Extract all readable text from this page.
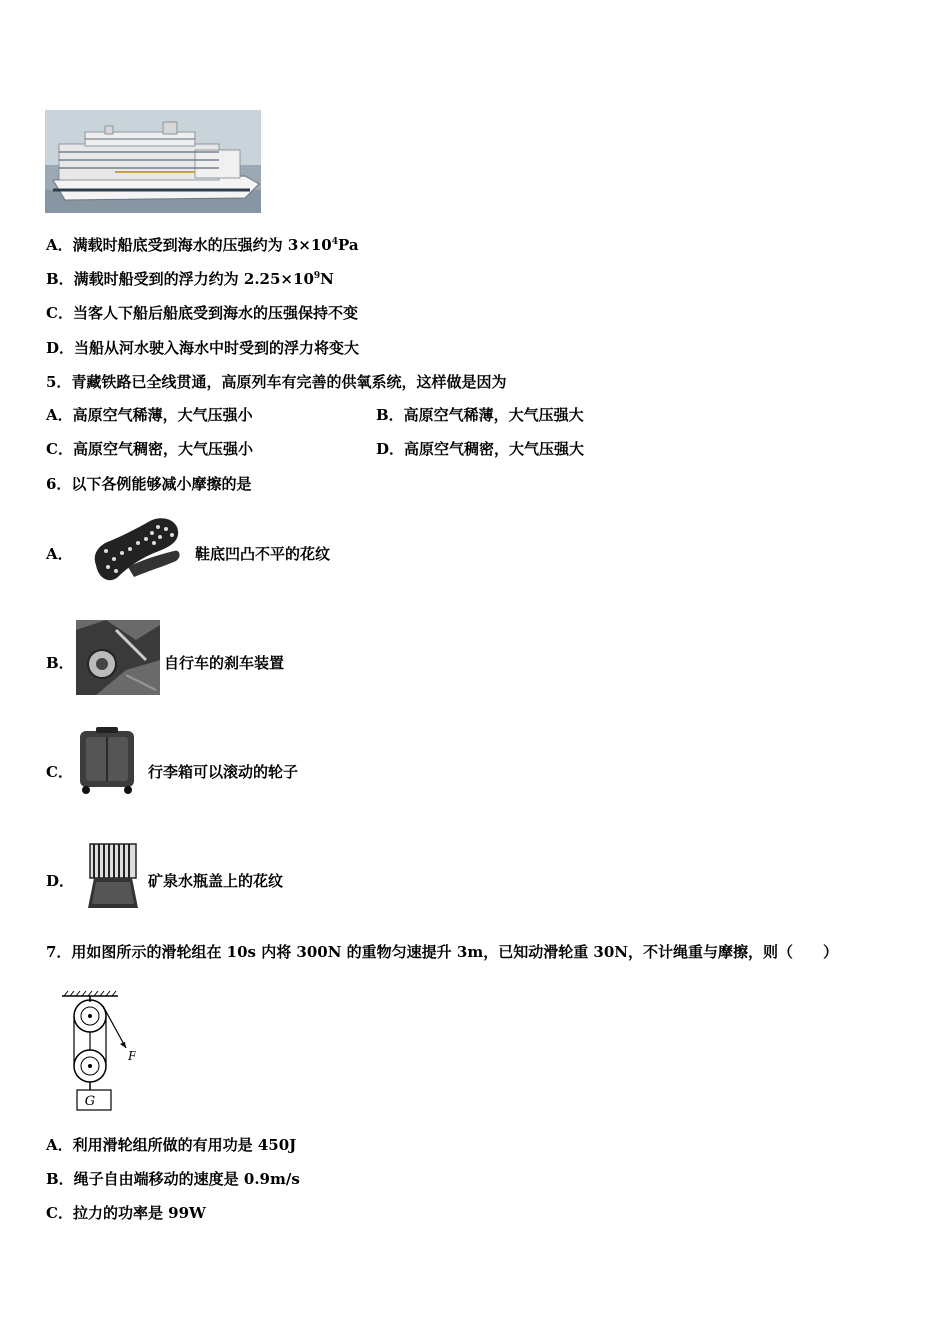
A．满载时船底受到海水的压强约为 $3\times 10^4Pa$
B．满载时船受到的浮力约为 $2.25\times 10^9N$
C．当客人下船后船底受到海水的压强保持不变
D．当船从河水驶入海水中时受到的浮力将变大
5．青藏铁路已全线贯通，高原列车有完善的供氧系统，这样做是因为
A．高原空气稀薄，大气压强小	B．高原空气稀薄，大气压强大
C．高原空气稠密，大气压强小	D．高原空气稠密，大气压强大
6．以下各例能够减小摩擦的是
A．	鞋底凹凸不平的花纹
B．	自行车的刹车装置
C．	行李箱可以滚动的轮子
D．	矿泉水瓶盖上的花纹
7．用如图所示的滑轮组在 10s 内将 300N 的重物匀速提升 3m，已知动滑轮重 30N，不计绳重与摩擦，则（　　）
F
G
A．利用滑轮组所做的有用功是 450J
B．绳子自由端移动的速度是 0.9m/s
C．拉力的功率是 99W
